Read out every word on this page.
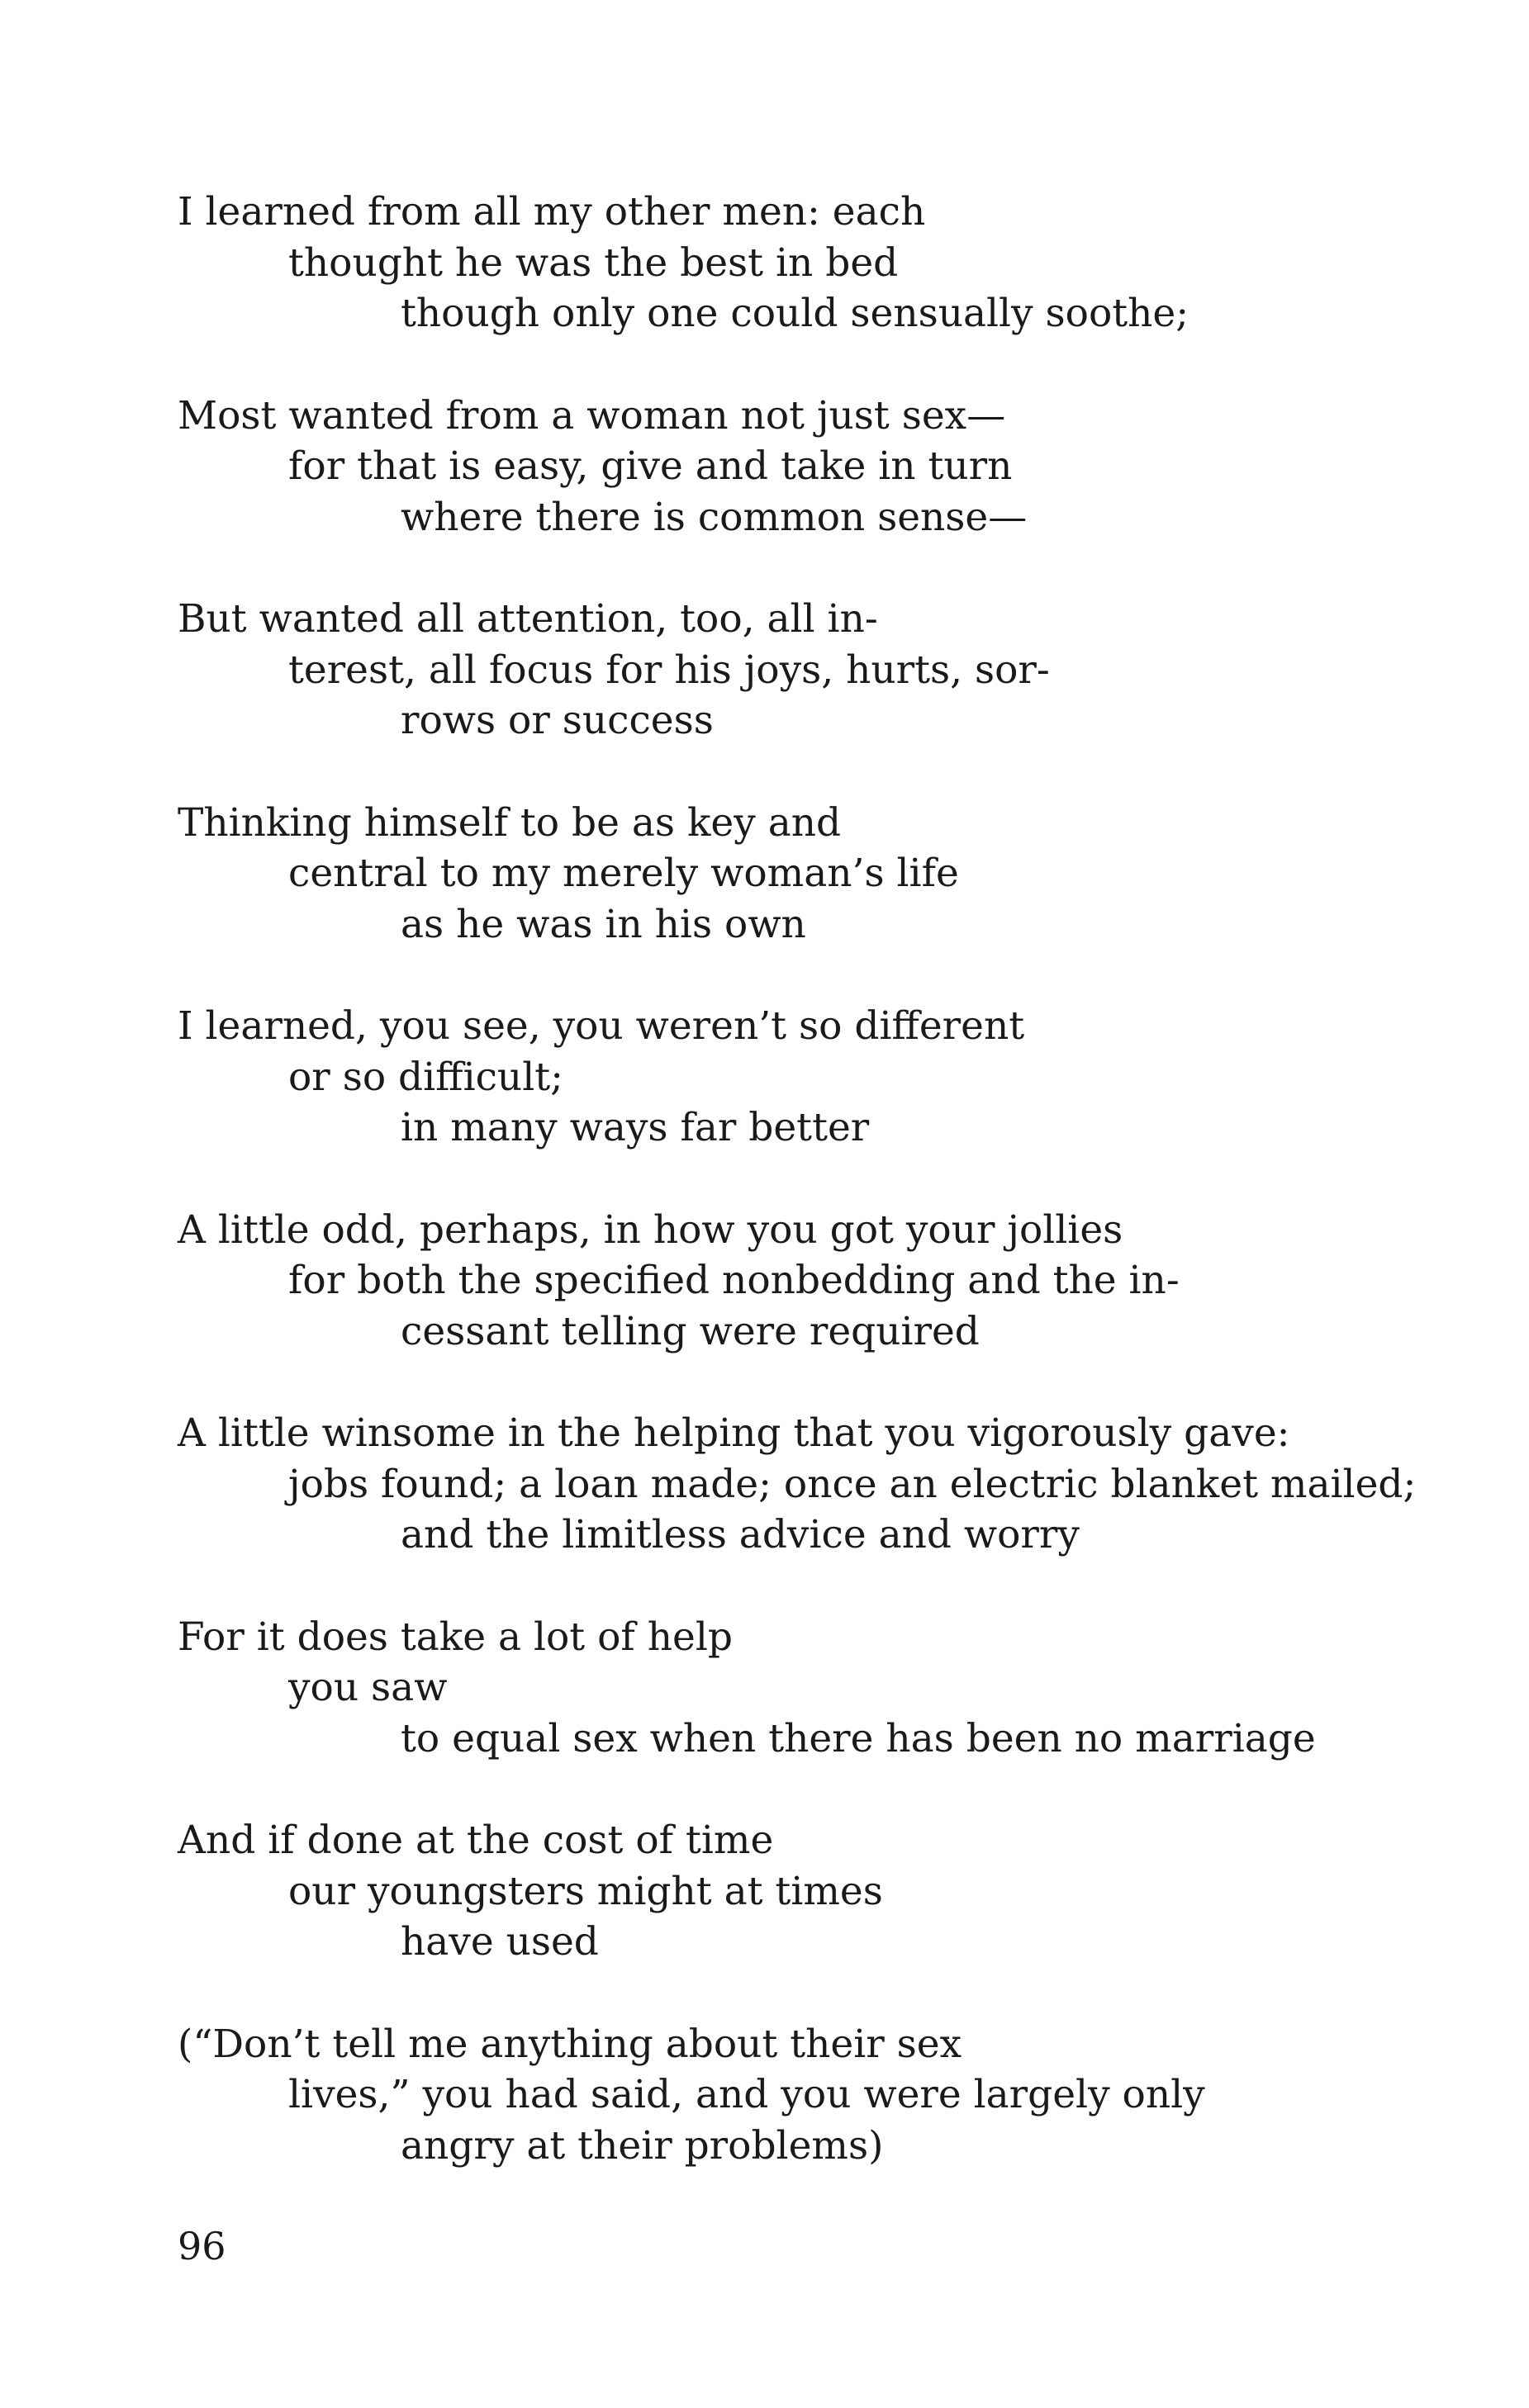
I learned from all my other men: each
thought he was the best in bed
though only one could sensually soothe;
Most wanted from a woman not just sex—
for that is easy, give and take in turn
where there is common sense—
But wanted all attention, too, all in-
terest, all focus for his joys, hurts, sor-
rows or success
Thinking himself to be as key and
central to my merely woman’s life
as he was in his own
I learned, you see, you weren’t so different
or so difficult;
in many ways far better
A little odd, perhaps, in how you got your jollies
for both the specified nonbedding and the in-
cessant telling were required
A little winsome in the helping that you vigorously gave:
jobs found; a loan made; once an electric blanket mailed;
and the limitless advice and worry
For it does take a lot of help
you saw
to equal sex when there has been no marriage
And if done at the cost of time
our youngsters might at times
have used
(“Don’t tell me anything about their sex
lives,” you had said, and you were largely only
angry at their problems)
96
